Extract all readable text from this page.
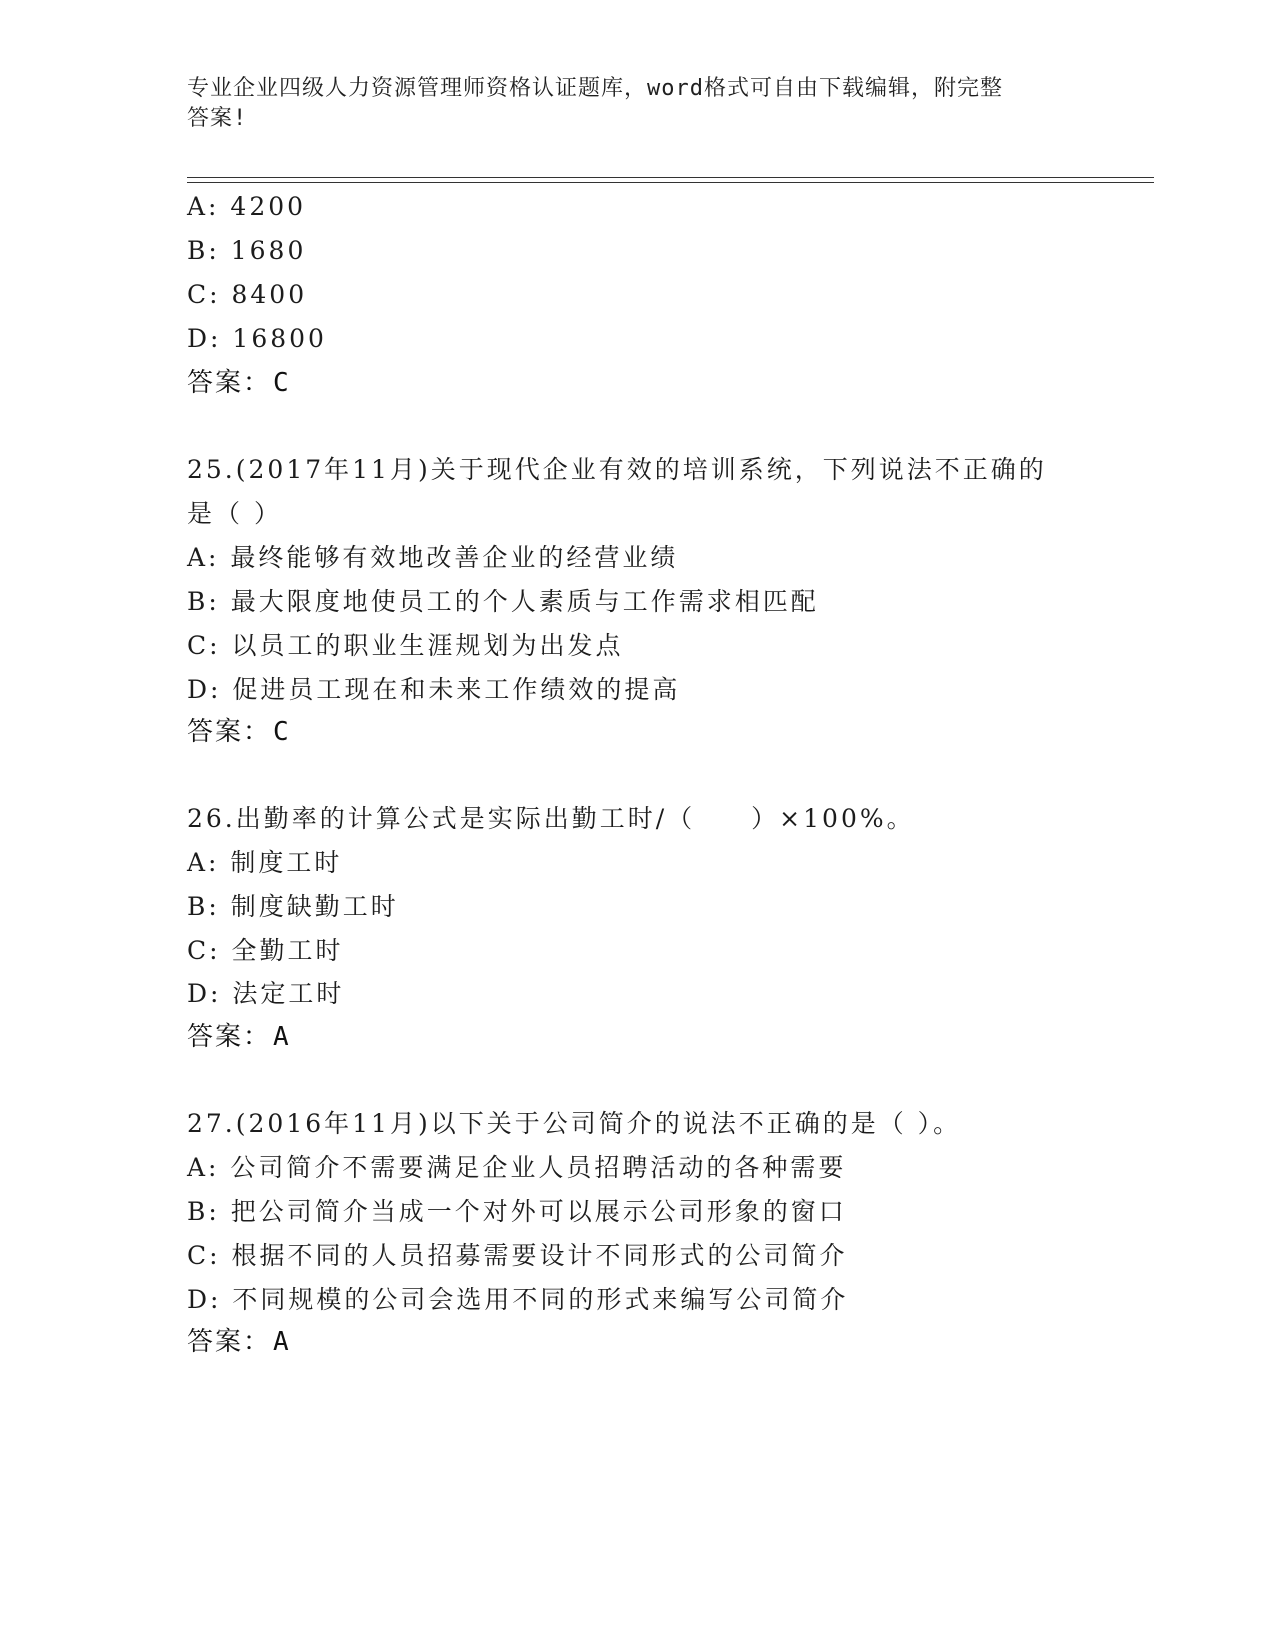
专业企业四级人力资源管理师资格认证题库，word格式可自由下载编辑，附完整
答案!
A: 4200
B: 1680
C: 8400
D: 16800
答案：C
25.(2017年11月)关于现代企业有效的培训系统，下列说法不正确的
是（ ）
A: 最终能够有效地改善企业的经营业绩
B: 最大限度地使员工的个人素质与工作需求相匹配
C: 以员工的职业生涯规划为出发点
D: 促进员工现在和未来工作绩效的提高
答案：C
26.出勤率的计算公式是实际出勤工时/（　　）×100%。
A: 制度工时
B: 制度缺勤工时
C: 全勤工时
D: 法定工时
答案：A
27.(2016年11月)以下关于公司简介的说法不正确的是（ ）。
A: 公司简介不需要满足企业人员招聘活动的各种需要
B: 把公司简介当成一个对外可以展示公司形象的窗口
C: 根据不同的人员招募需要设计不同形式的公司简介
D: 不同规模的公司会选用不同的形式来编写公司简介
答案：A
